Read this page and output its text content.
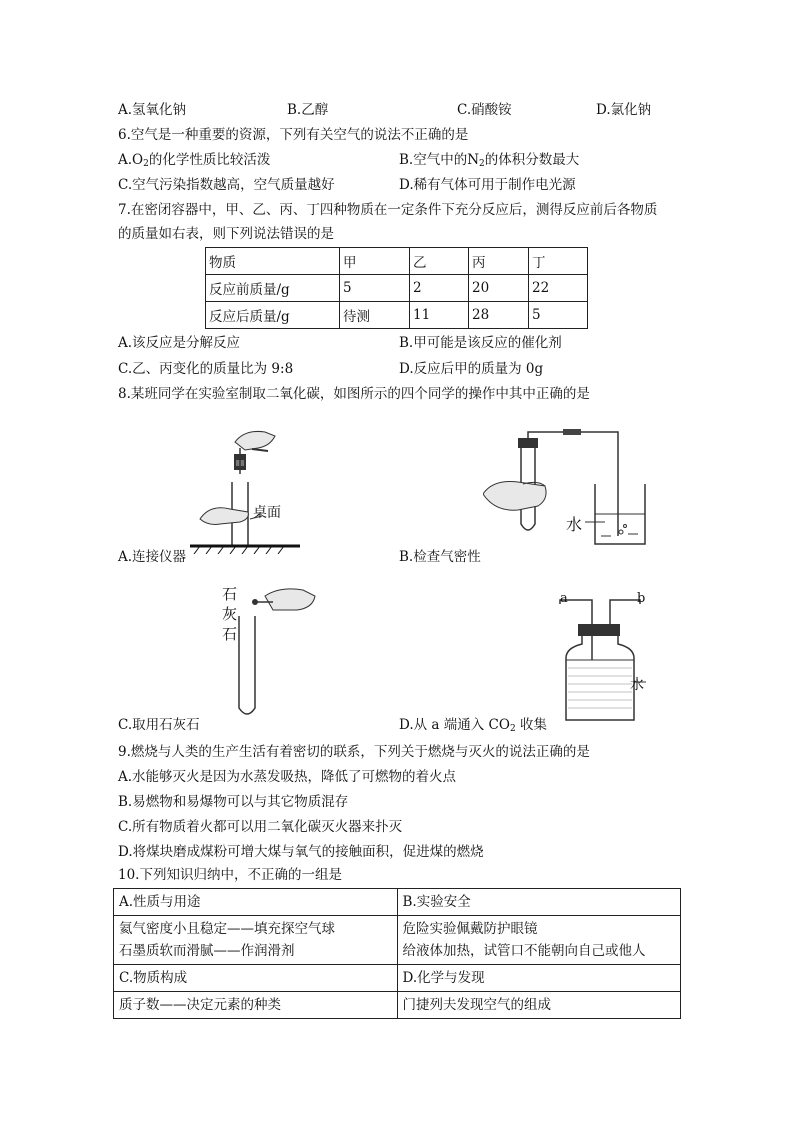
A.氢氧化钠	B.乙醇	C.硝酸铵	D.氯化钠
6.空气是一种重要的资源，下列有关空气的说法不正确的是
$A.O_2$的化学性质比较活泼	B.空气中的$N_2$的体积分数最大
C.空气污染指数越高，空气质量越好	D.稀有气体可用于制作电光源
7.在密闭容器中，甲、乙、丙、丁四种物质在一定条件下充分反应后，测得反应前后各物质
的质量如右表，则下列说法错误的是
物质	甲	乙	丙	丁
反应前质量/g	5	2	20	22
反应后质量/g	待测	11	28	5
A.该反应是分解反应	B.甲可能是该反应的催化剂
C.乙、丙变化的质量比为 9:8	D.反应后甲的质量为 0g
8.某班同学在实验室制取二氧化碳，如图所示的四个同学的操作中其中正确的是
桌面
A.连接仪器
水
B.检查气密性
石
灰
石
C.取用石灰石
a	b
水
D.从 a 端通入 $CO_2$ 收集
9.燃烧与人类的生产生活有着密切的联系，下列关于燃烧与灭火的说法正确的是
A.水能够灭火是因为水蒸发吸热，降低了可燃物的着火点
B.易燃物和易爆物可以与其它物质混存
C.所有物质着火都可以用二氧化碳灭火器来扑灭
D.将煤块磨成煤粉可增大煤与氧气的接触面积，促进煤的燃烧
10.下列知识归纳中，不正确的一组是
A.性质与用途	B.实验安全
氦气密度小且稳定——填充探空气球
石墨质软而滑腻——作润滑剂	危险实验佩戴防护眼镜
给液体加热，试管口不能朝向自己或他人
C.物质构成	D.化学与发现
质子数——决定元素的种类	门捷列夫发现空气的组成
